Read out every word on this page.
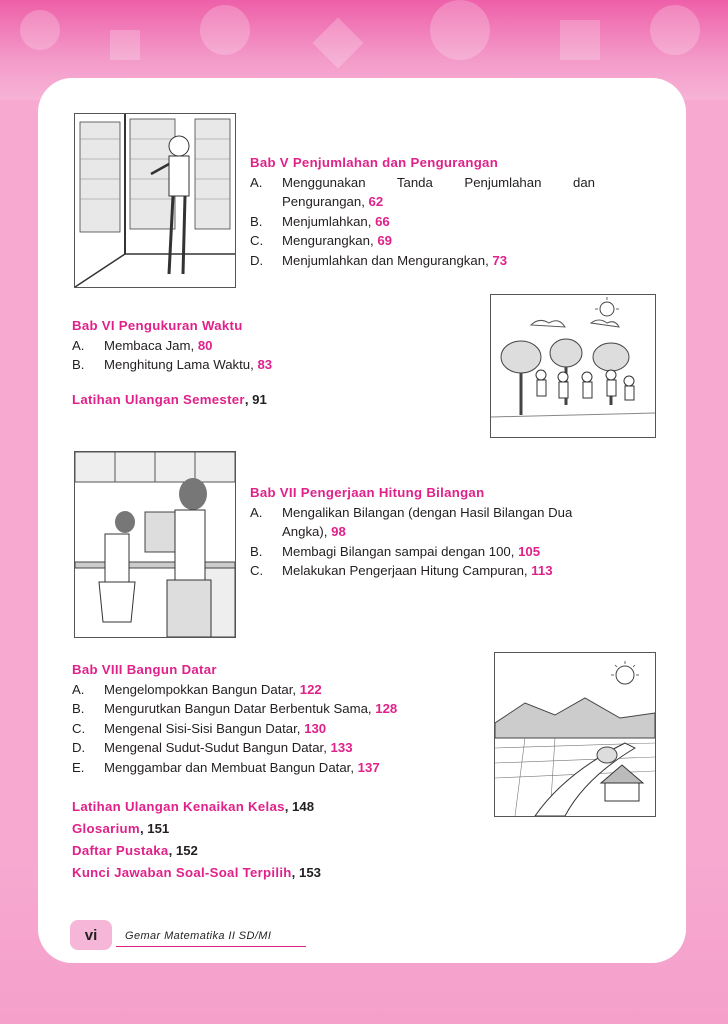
Bab V Penjumlahan dan Pengurangan
A.	Menggunakan Tanda Penjumlahan dan
Pengurangan, 62
B.	Menjumlahkan, 66
C.	Mengurangkan, 69
D.	Menjumlahkan dan Mengurangkan, 73
Bab VI Pengukuran Waktu
A.	Membaca Jam, 80
B.	Menghitung Lama Waktu, 83
Latihan Ulangan Semester, 91
Bab VII Pengerjaan Hitung Bilangan
A.	Mengalikan Bilangan (dengan Hasil Bilangan Dua
Angka), 98
B.	Membagi Bilangan sampai dengan 100, 105
C.	Melakukan Pengerjaan Hitung Campuran, 113
Bab VIII Bangun Datar
A.	Mengelompokkan Bangun Datar, 122
B.	Mengurutkan Bangun Datar Berbentuk Sama, 128
C.	Mengenal Sisi-Sisi Bangun Datar, 130
D.	Mengenal Sudut-Sudut Bangun Datar, 133
E.	Menggambar dan Membuat Bangun Datar, 137
Latihan Ulangan Kenaikan Kelas, 148
Glosarium, 151
Daftar Pustaka, 152
Kunci Jawaban Soal-Soal Terpilih, 153
vi	Gemar Matematika II SD/MI
